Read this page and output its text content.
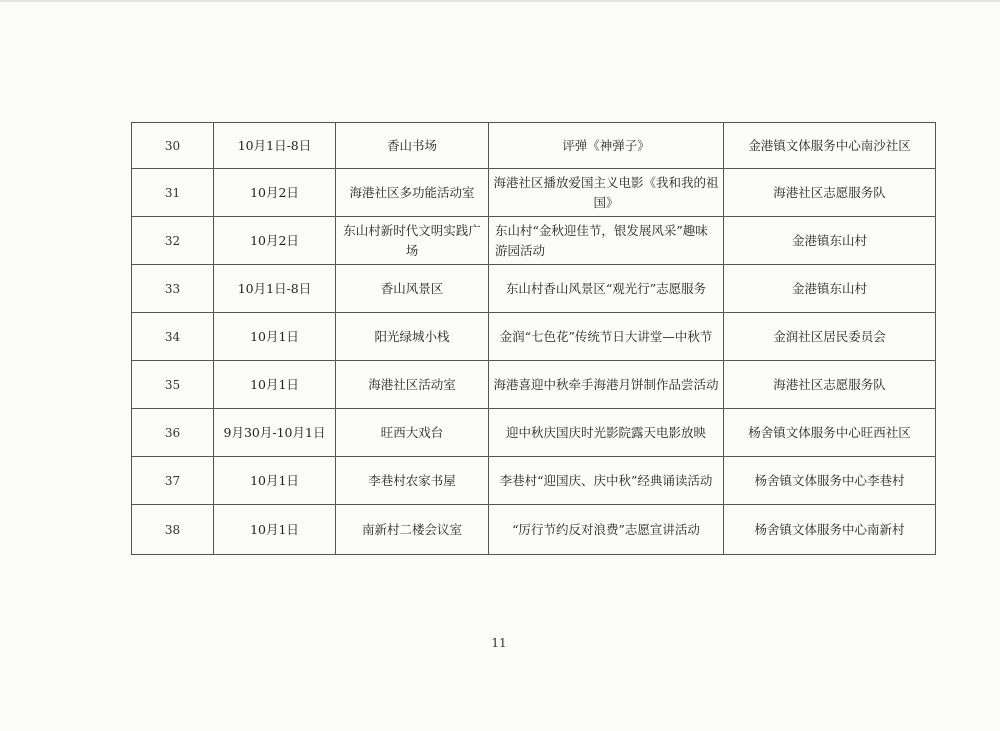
30	10月1日-8日	香山书场	评弹《神弹子》	金港镇文体服务中心南沙社区
31	10月2日	海港社区多功能活动室	海港社区播放爱国主义电影《我和我的祖国》	海港社区志愿服务队
32	10月2日	东山村新时代文明实践广场	东山村“金秋迎佳节，银发展风采”趣味游园活动	金港镇东山村
33	10月1日-8日	香山风景区	东山村香山风景区“观光行”志愿服务	金港镇东山村
34	10月1日	阳光绿城小栈	金润“七色花”传统节日大讲堂—中秋节	金润社区居民委员会
35	10月1日	海港社区活动室	海港喜迎中秋牵手海港月饼制作品尝活动	海港社区志愿服务队
36	9月30月-10月1日	旺西大戏台	迎中秋庆国庆时光影院露天电影放映	杨舍镇文体服务中心旺西社区
37	10月1日	李巷村农家书屋	李巷村“迎国庆、庆中秋”经典诵读活动	杨舍镇文体服务中心李巷村
38	10月1日	南新村二楼会议室	“厉行节约反对浪费”志愿宣讲活动	杨舍镇文体服务中心南新村
11
